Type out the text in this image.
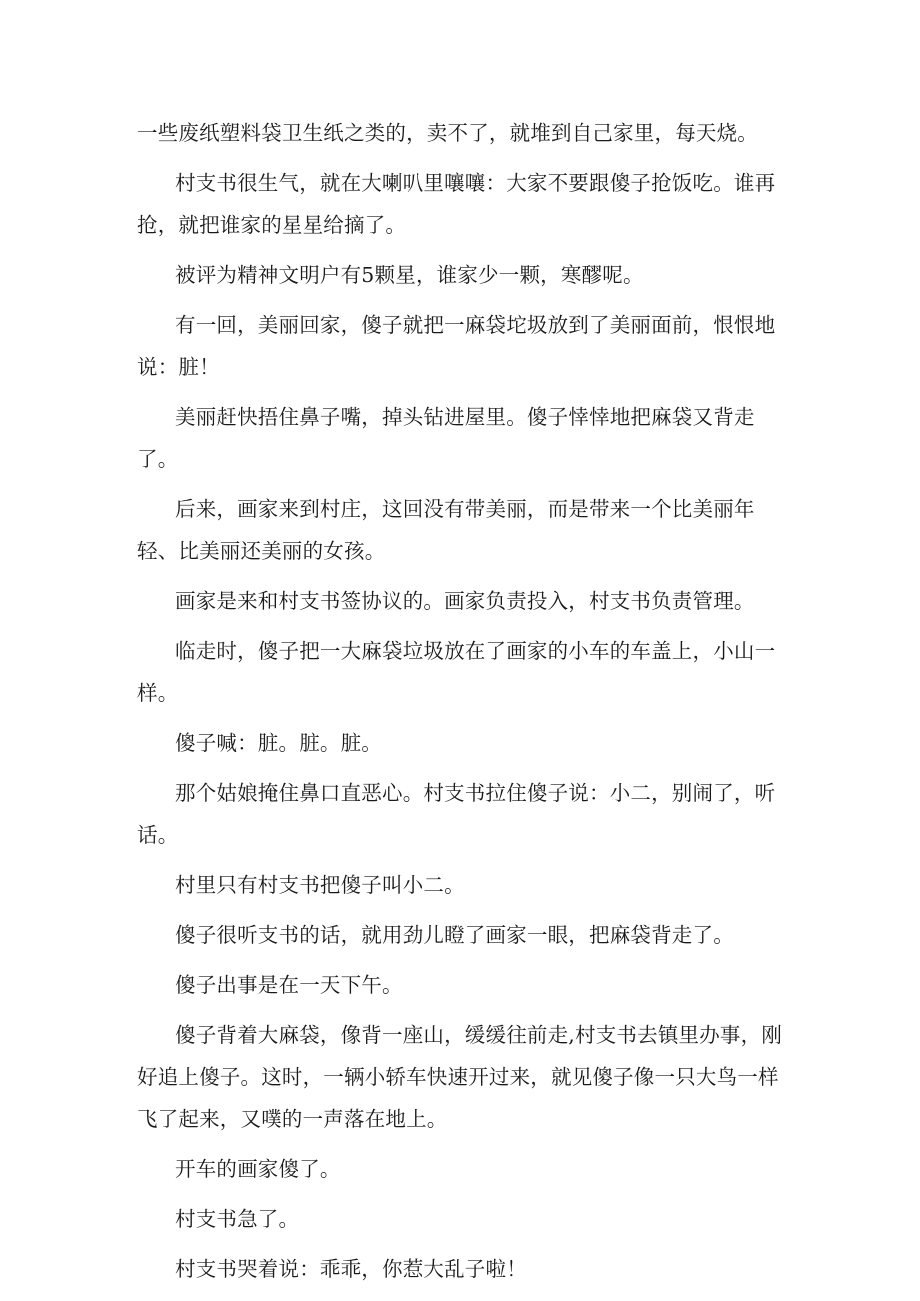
一些废纸塑料袋卫生纸之类的，卖不了，就堆到自己家里，每天烧。

村支书很生气，就在大喇叭里嚷嚷：大家不要跟傻子抢饭吃。谁再抢，就把谁家的星星给摘了。

被评为精神文明户有5颗星，谁家少一颗，寒醪呢。

有一回，美丽回家，傻子就把一麻袋坨圾放到了美丽面前，恨恨地说：脏！

美丽赶快捂住鼻子嘴，掉头钻进屋里。傻子悻悻地把麻袋又背走了。

后来，画家来到村庄，这回没有带美丽，而是带来一个比美丽年轻、比美丽还美丽的女孩。

画家是来和村支书签协议的。画家负责投入，村支书负责管理。

临走时，傻子把一大麻袋垃圾放在了画家的小车的车盖上，小山一样。

傻子喊：脏。脏。脏。

那个姑娘掩住鼻口直恶心。村支书拉住傻子说：小二，别闹了，听话。

村里只有村支书把傻子叫小二。

傻子很听支书的话，就用劲儿瞪了画家一眼，把麻袋背走了。

傻子出事是在一天下午。

傻子背着大麻袋，像背一座山，缓缓往前走,村支书去镇里办事，刚好追上傻子。这时，一辆小轿车快速开过来，就见傻子像一只大鸟一样飞了起来，又噗的一声落在地上。

开车的画家傻了。

村支书急了。

村支书哭着说：乖乖，你惹大乱子啦！
